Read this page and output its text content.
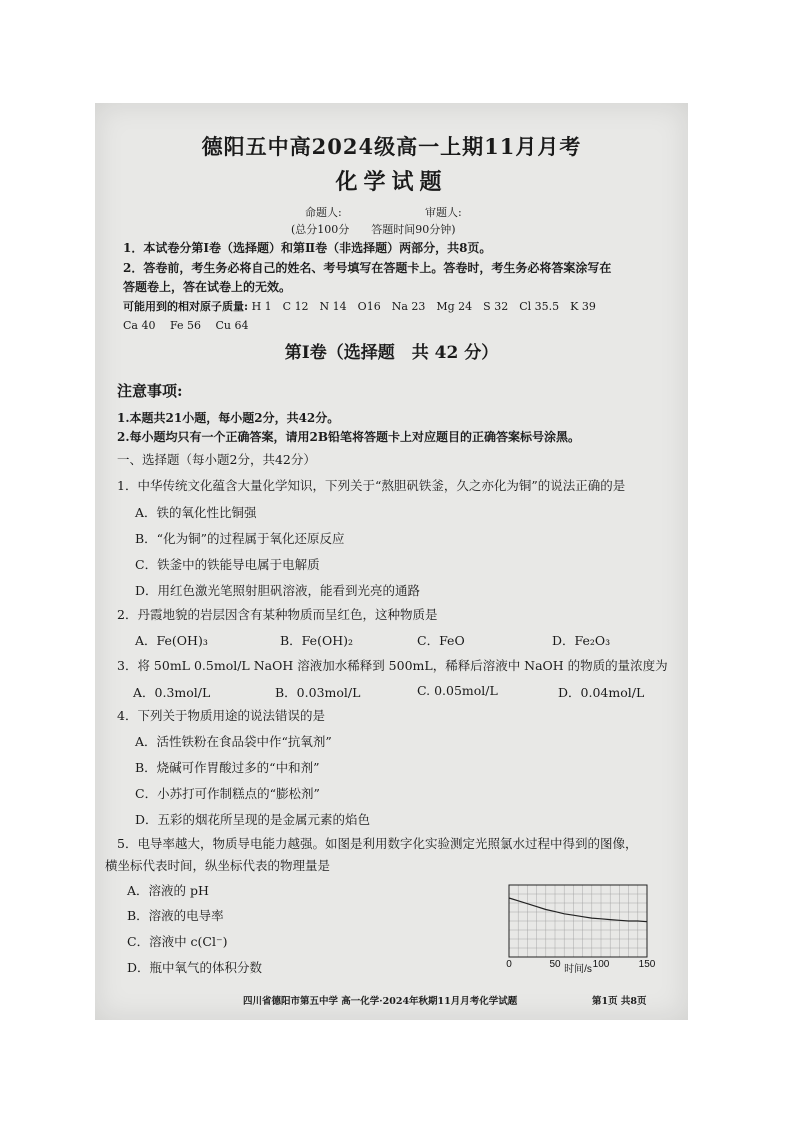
德阳五中高2024级高一上期11月月考
化学试题
命题人:	审题人:
(总分100分　　答题时间90分钟)
1．本试卷分第Ⅰ卷（选择题）和第Ⅱ卷（非选择题）两部分，共8页。
2．答卷前，考生务必将自己的姓名、考号填写在答题卡上。答卷时，考生务必将答案涂写在
答题卷上，答在试卷上的无效。
可能用到的相对原子质量: H 1　C 12　N 14　O16　Na 23　Mg 24　S 32　Cl 35.5　K 39
Ca 40　 Fe 56　 Cu 64
第Ⅰ卷（选择题　共 42 分）
注意事项:
1.本题共21小题，每小题2分，共42分。
2.每小题均只有一个正确答案，请用2B铅笔将答题卡上对应题目的正确答案标号涂黑。
一、选择题（每小题2分，共42分）
1．中华传统文化蕴含大量化学知识，下列关于“熬胆矾铁釜，久之亦化为铜”的说法正确的是
A．铁的氧化性比铜强
B．“化为铜”的过程属于氧化还原反应
C．铁釜中的铁能导电属于电解质
D．用红色激光笔照射胆矾溶液，能看到光亮的通路
2．丹霞地貌的岩层因含有某种物质而呈红色，这种物质是
A．Fe(OH)₃	B．Fe(OH)₂	C．FeO	D．Fe₂O₃
3．将 50mL 0.5mol/L NaOH 溶液加水稀释到 500mL，稀释后溶液中 NaOH 的物质的量浓度为
A．0.3mol/L	B．0.03mol/L	C. 0.05mol/L	D．0.04mol/L
4．下列关于物质用途的说法错误的是
A．活性铁粉在食品袋中作“抗氧剂”
B．烧碱可作胃酸过多的“中和剂”
C．小苏打可作制糕点的“膨松剂”
D．五彩的烟花所呈现的是金属元素的焰色
5．电导率越大，物质导电能力越强。如图是利用数字化实验测定光照氯水过程中得到的图像，
横坐标代表时间，纵坐标代表的物理量是
A．溶液的 pH
B．溶液的电导率
C．溶液中 c(Cl⁻)
D．瓶中氧气的体积分数	0	50	100	150
时间/s
四川省德阳市第五中学 高一化学·2024年秋期11月月考化学试题	第1页 共8页
